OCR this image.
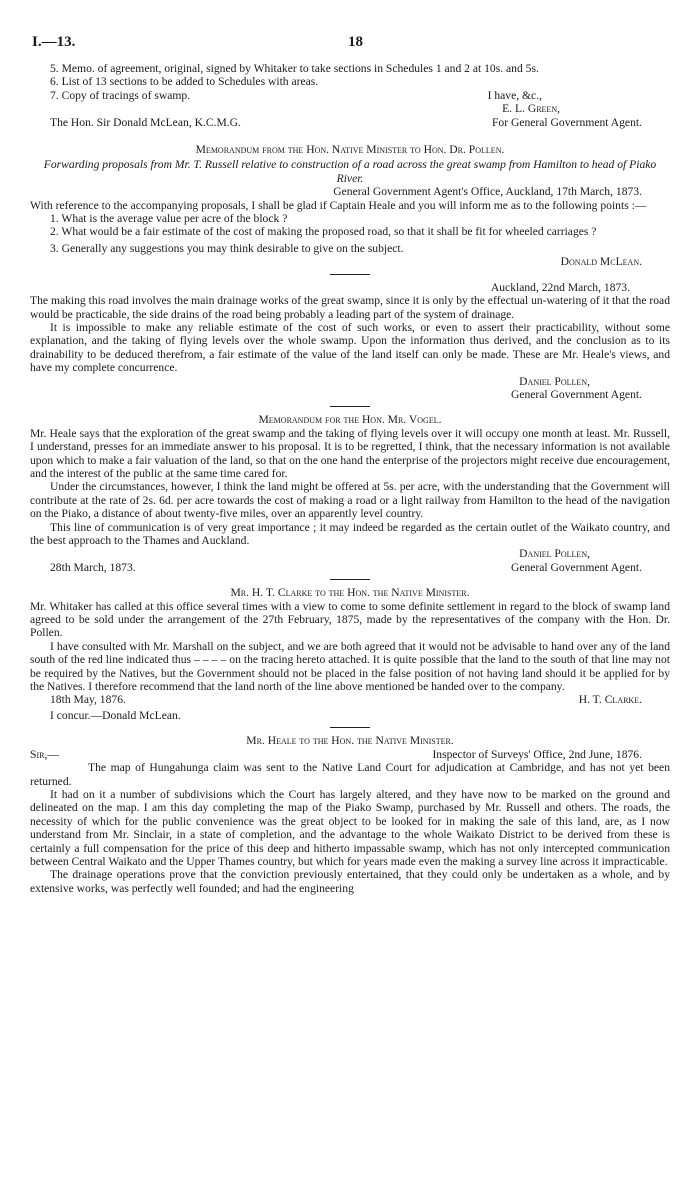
I.—13.	18

5. Memo. of agreement, original, signed by Whitaker to take sections in Schedules 1 and 2 at 10s. and 5s.

6. List of 13 sections to be added to Schedules with areas.

7. Copy of tracings of swamp.	I have, &c.,

E. L. Green,

The Hon. Sir Donald McLean, K.C.M.G.	For General Government Agent.

Memorandum from the Hon. Native Minister to Hon. Dr. Pollen.

Forwarding proposals from Mr. T. Russell relative to construction of a road across the great swamp from Hamilton to head of Piako River.

General Government Agent's Office, Auckland, 17th March, 1873.

With reference to the accompanying proposals, I shall be glad if Captain Heale and you will inform me as to the following points :—

1. What is the average value per acre of the block ?

2. What would be a fair estimate of the cost of making the proposed road, so that it shall be fit for wheeled carriages ?

3. Generally any suggestions you may think desirable to give on the subject.

Donald McLean.

Auckland, 22nd March, 1873.

The making this road involves the main drainage works of the great swamp, since it is only by the effectual un-watering of it that the road would be practicable, the side drains of the road being probably a leading part of the system of drainage.

It is impossible to make any reliable estimate of the cost of such works, or even to assert their practicability, without some explanation, and the taking of flying levels over the whole swamp. Upon the information thus derived, and the conclusion as to its drainability to be deduced therefrom, a fair estimate of the value of the land itself can only be made. These are Mr. Heale's views, and have my complete concurrence.

Daniel Pollen,

General Government Agent.

Memorandum for the Hon. Mr. Vogel.

Mr. Heale says that the exploration of the great swamp and the taking of flying levels over it will occupy one month at least. Mr. Russell, I understand, presses for an immediate answer to his proposal. It is to be regretted, I think, that the necessary information is not available upon which to make a fair valuation of the land, so that on the one hand the enterprise of the projectors might receive due encouragement, and the interest of the public at the same time cared for.

Under the circumstances, however, I think the land might be offered at 5s. per acre, with the understanding that the Government will contribute at the rate of 2s. 6d. per acre towards the cost of making a road or a light railway from Hamilton to the head of the navigation on the Piako, a distance of about twenty-five miles, over an apparently level country.

This line of communication is of very great importance ; it may indeed be regarded as the certain outlet of the Waikato country, and the best approach to the Thames and Auckland.

Daniel Pollen,

28th March, 1873.	General Government Agent.

Mr. H. T. Clarke to the Hon. the Native Minister.

Mr. Whitaker has called at this office several times with a view to come to some definite settlement in regard to the block of swamp land agreed to be sold under the arrangement of the 27th February, 1875, made by the representatives of the company with the Hon. Dr. Pollen.

I have consulted with Mr. Marshall on the subject, and we are both agreed that it would not be advisable to hand over any of the land south of the red line indicated thus – – – – on the tracing hereto attached. It is quite possible that the land to the south of that line may not be required by the Natives, but the Government should not be placed in the false position of not having land should it be applied for by the Natives. I therefore recommend that the land north of the line above mentioned be handed over to the company.

18th May, 1876.	H. T. Clarke.

I concur.—Donald McLean.

Mr. Heale to the Hon. the Native Minister.

Sir,—	Inspector of Surveys' Office, 2nd June, 1876.

The map of Hungahunga claim was sent to the Native Land Court for adjudication at Cambridge, and has not yet been returned.

It had on it a number of subdivisions which the Court has largely altered, and they have now to be marked on the ground and delineated on the map. I am this day completing the map of the Piako Swamp, purchased by Mr. Russell and others. The roads, the necessity of which for the public convenience was the great object to be looked for in making the sale of this land, are, as I now understand from Mr. Sinclair, in a state of completion, and the advantage to the whole Waikato District to be derived from these is certainly a full compensation for the price of this deep and hitherto impassable swamp, which has not only intercepted communication between Central Waikato and the Upper Thames country, but which for years made even the making a survey line across it impracticable.

The drainage operations prove that the conviction previously entertained, that they could only be undertaken as a whole, and by extensive works, was perfectly well founded; and had the engineering
